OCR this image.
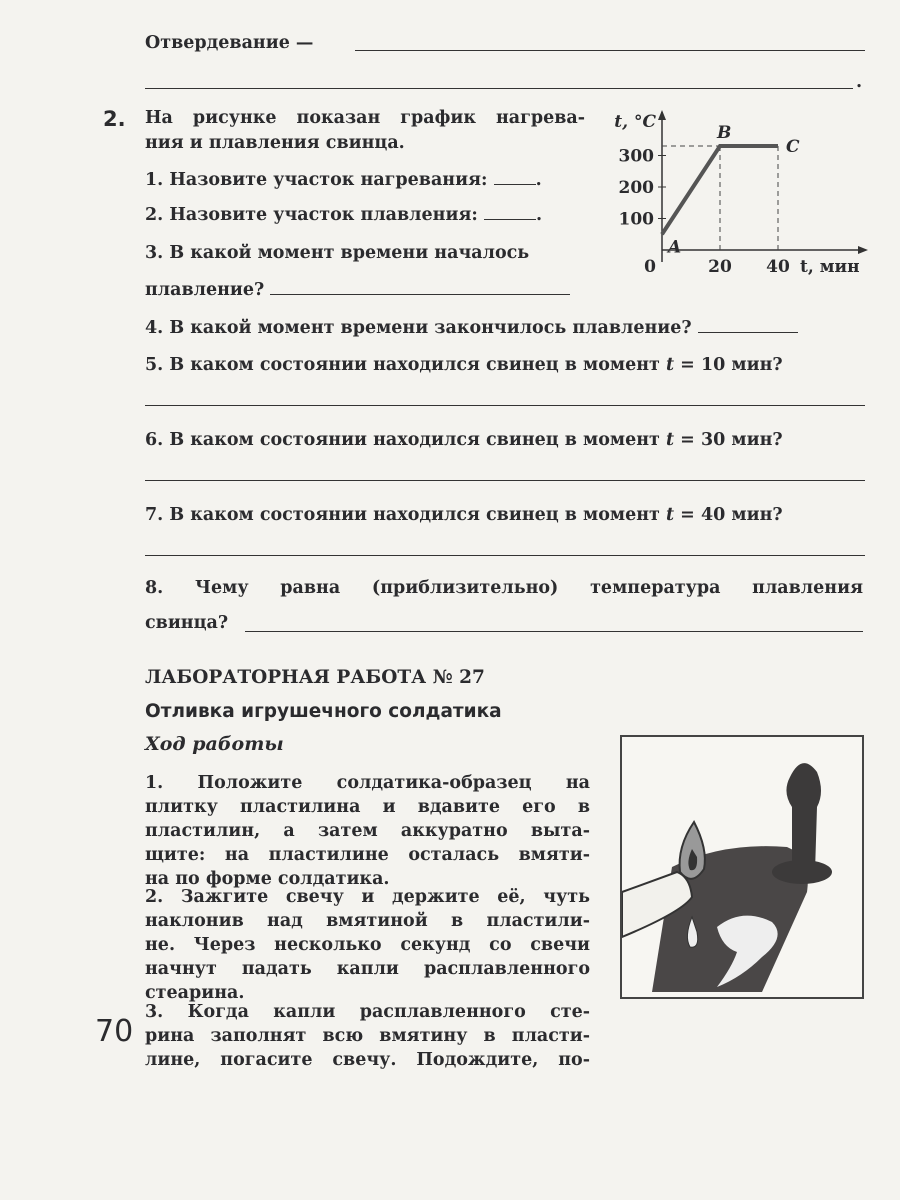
Отвердевание —
.
2. На рисунке показан график нагрева-
ния и плавления свинца.
1. Назовите участок нагревания:	.
2. Назовите участок плавления:	.
3. В какой момент времени началось
плавление?
4. В какой момент времени закончилось плавление?
5. В каком состоянии находился свинец в момент t = 10 мин?
6. В каком состоянии находился свинец в момент t = 30 мин?
7. В каком состоянии находился свинец в момент t = 40 мин?
8. Чему равна (приблизительно) температура плавления
свинца?
100
200
300
20 40
0
t, °C
t, мин
A
B
C
ЛАБОРАТОРНАЯ РАБОТА № 27
Отливка игрушечного солдатика
Ход работы
70
1. Положите солдатика-образец на
плитку пластилина и вдавите его в
пластилин, а затем аккуратно выта-
щите: на пластилине осталась вмяти-
на по форме солдатика.
2. Зажгите свечу и держите её, чуть
наклонив над вмятиной в пластили-
не. Через несколько секунд со свечи
начнут падать капли расплавленного
стеарина.
3. Когда капли расплавленного сте-
рина заполнят всю вмятину в пласти-
лине, погасите свечу. Подождите, по-
